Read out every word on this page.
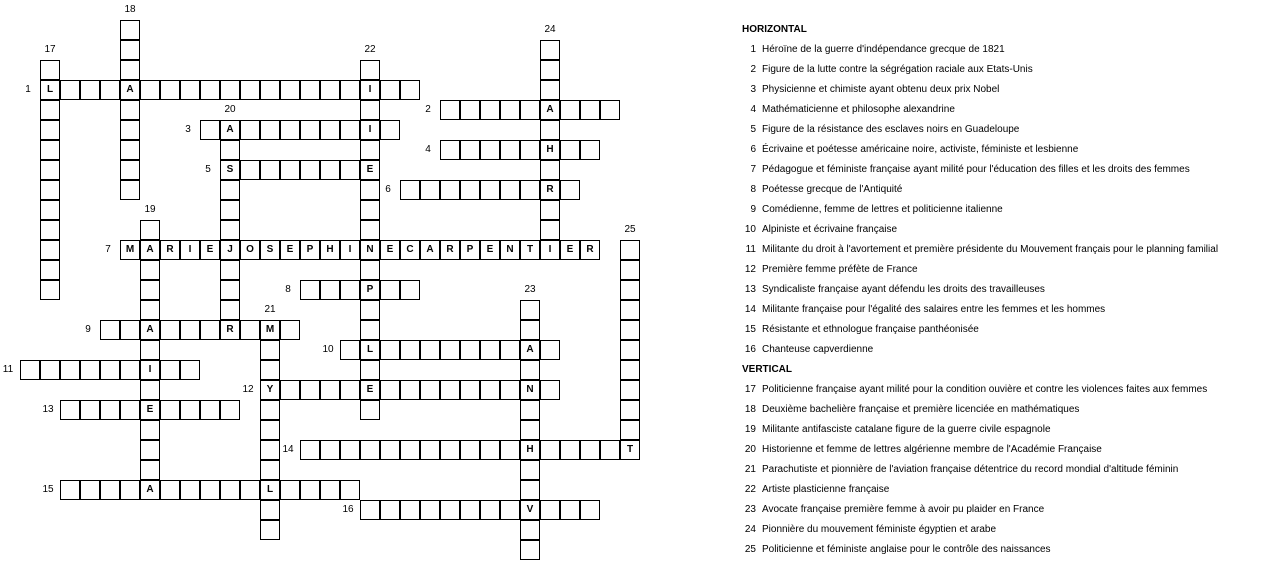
L
17
A
18
A
A
I
E
A
19
A
S
J
R
20
M
Y
L
21
I
I
E
N
P
L
E
22
A
N
H
V
23
A
H
R
I
24
T
25
1
2
3
4
5
6
M	R	I	E	O	S	E	P	H	I	E	C	A	R	P	E	N	T	E	R
7
8
9
10
11
12
13
14
15
16
HORIZONTAL
1 Héroïne de la guerre d'indépendance grecque de 1821
2 Figure de la lutte contre la ségrégation raciale aux Etats-Unis
3 Physicienne et chimiste ayant obtenu deux prix Nobel
4 Mathématicienne et philosophe alexandrine
5 Figure de la résistance des esclaves noirs en Guadeloupe
6 Écrivaine et poétesse américaine noire, activiste, féministe et lesbienne
7 Pédagogue et féministe française ayant milité pour l'éducation des filles et les droits des femmes
8 Poétesse grecque de l'Antiquité
9 Comédienne, femme de lettres et politicienne italienne
10 Alpiniste et écrivaine française
11 Militante du droit à l'avortement et première présidente du Mouvement français pour le planning familial
12 Première femme préfète de France
13 Syndicaliste française ayant défendu les droits des travailleuses
14 Militante française pour l'égalité des salaires entre les femmes et les hommes
15 Résistante et ethnologue française panthéonisée
16 Chanteuse capverdienne
VERTICAL
17 Politicienne française ayant milité pour la condition ouvière et contre les violences faites aux femmes
18 Deuxième bachelière française et première licenciée en mathématiques
19 Militante antifasciste catalane figure de la guerre civile espagnole
20 Historienne et femme de lettres algérienne membre de l'Académie Française
21 Parachutiste et pionnière de l'aviation française détentrice du record mondial d'altitude féminin
22 Artiste plasticienne française
23 Avocate française première femme à avoir pu plaider en France
24 Pionnière du mouvement féministe égyptien et arabe
25 Politicienne et féministe anglaise pour le contrôle des naissances
